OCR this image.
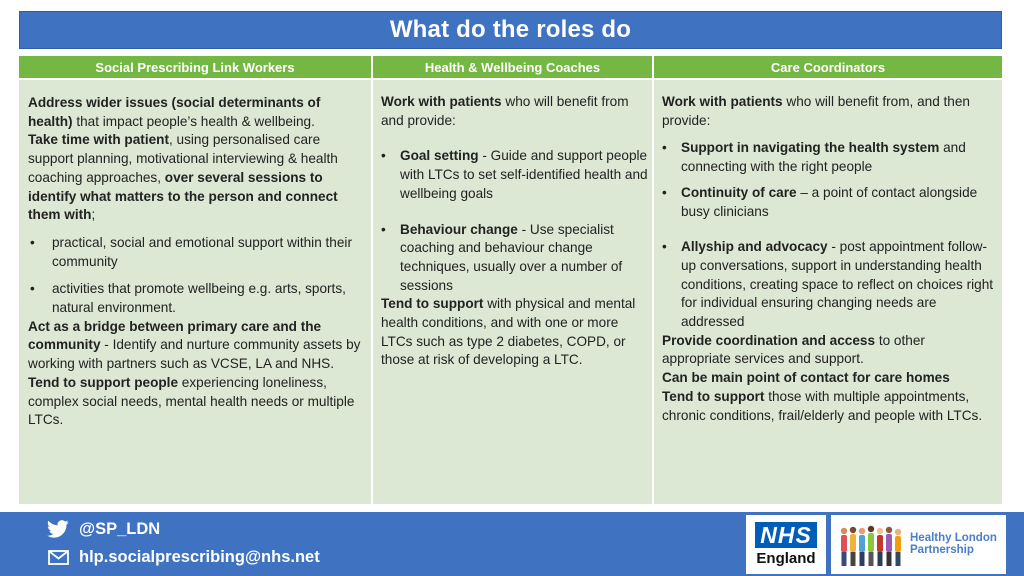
What do the roles do
Social Prescribing Link Workers	Health & Wellbeing Coaches	Care Coordinators

Address wider issues (social determinants of health) that impact people’s health & wellbeing.

Take time with patient, using personalised care support planning, motivational interviewing & health coaching approaches, over several sessions to identify what matters to the person and connect them with;

• practical, social and emotional support within their community
• activities that promote wellbeing e.g. arts, sports, natural environment.

Act as a bridge between primary care and the community - Identify and nurture community assets by working with partners such as VCSE, LA and NHS.

Tend to support people experiencing loneliness, complex social needs, mental health needs or multiple LTCs.

Work with patients who will benefit from and provide:

• Goal setting - Guide and support people with LTCs to set self-identified health and wellbeing goals
• Behaviour change - Use specialist coaching and behaviour change techniques, usually over a number of sessions

Tend to support with physical and mental health conditions, and with one or more LTCs such as type 2 diabetes, COPD, or those at risk of developing a LTC.

Work with patients who will benefit from, and then provide:

• Support in navigating the health system and connecting with the right people
• Continuity of care – a point of contact alongside busy clinicians
• Allyship and advocacy - post appointment follow-up conversations, support in understanding health conditions, creating space to reflect on choices right for individual ensuring changing needs are addressed

Provide coordination and access to other appropriate services and support.

Can be main point of contact for care homes

Tend to support those with multiple appointments, chronic conditions, frail/elderly and people with LTCs.

@SP_LDN
hlp.socialprescribing@nhs.net
NHS
England
Healthy London
Partnership
